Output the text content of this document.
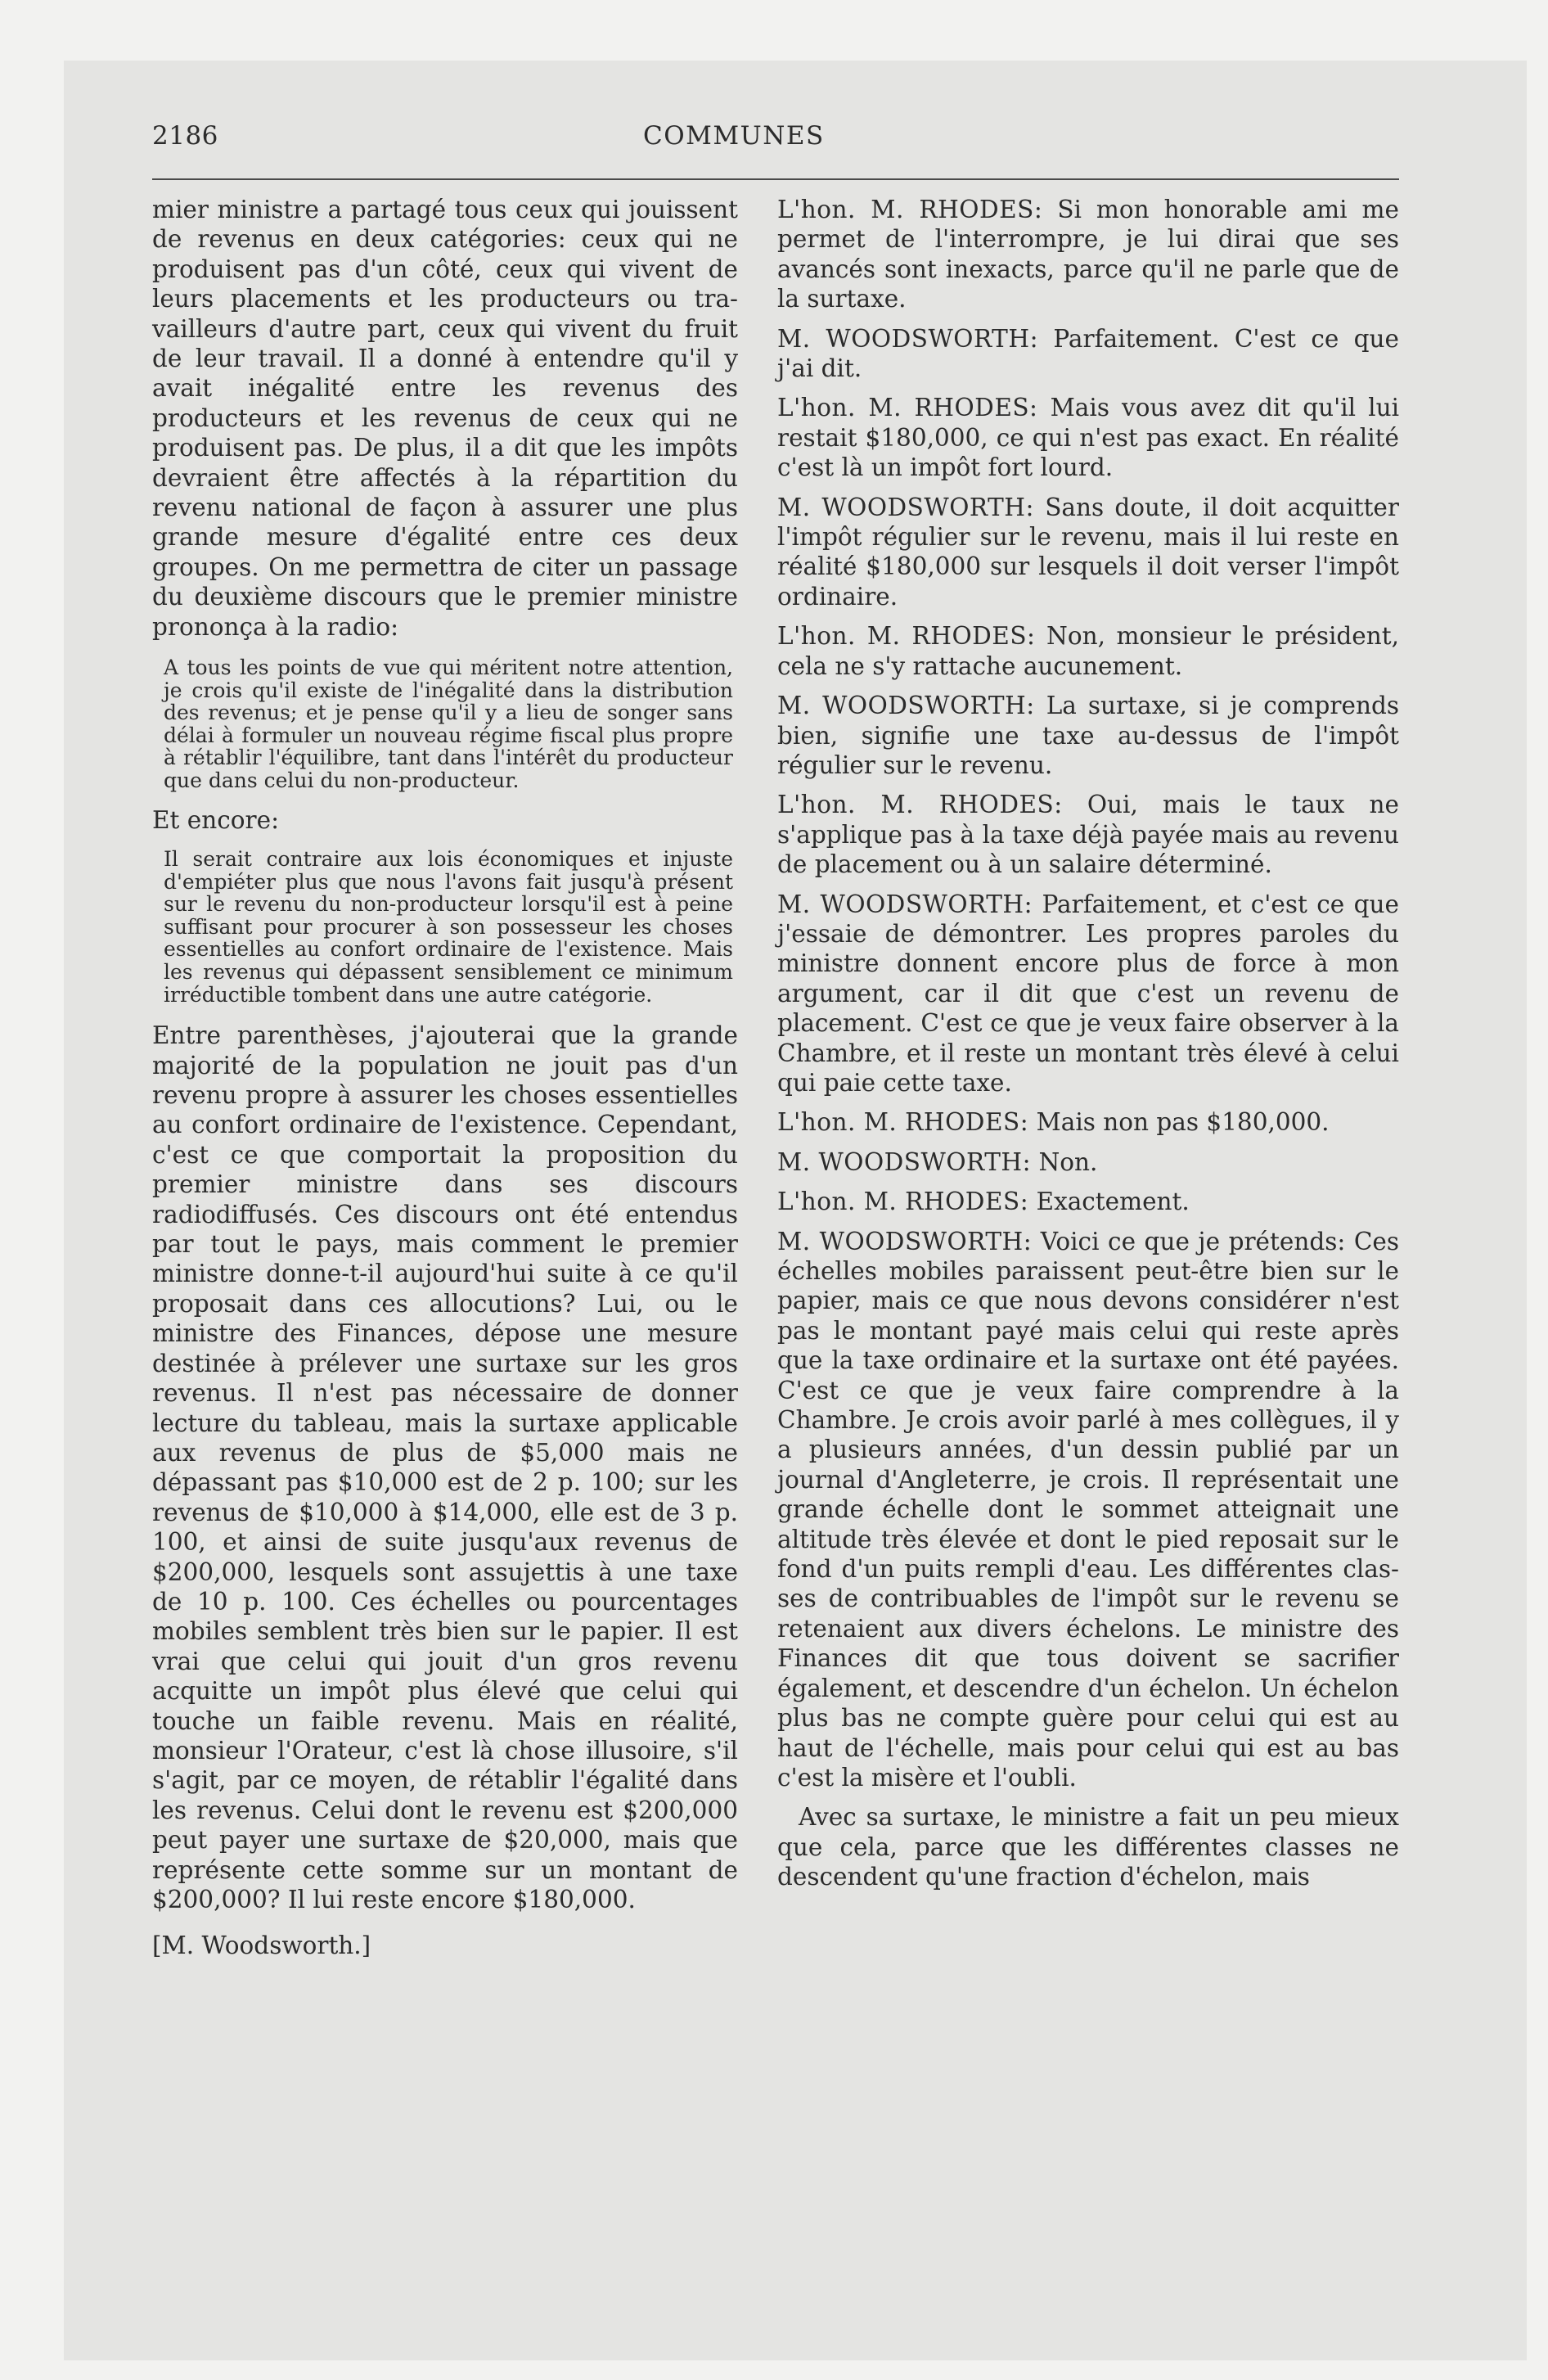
2186	COMMUNES

mier ministre a partagé tous ceux qui jouissent de revenus en deux catégories: ceux qui ne produisent pas d'un côté, ceux qui vivent de leurs placements et les producteurs ou travailleurs d'autre part, ceux qui vivent du fruit de leur travail. Il a donné à entendre qu'il y avait inégalité entre les revenus des producteurs et les revenus de ceux qui ne produisent pas. De plus, il a dit que les impôts devraient être affectés à la répartition du revenu national de façon à assurer une plus grande mesure d'égalité entre ces deux groupes. On me permettra de citer un passage du deuxième discours que le premier ministre prononça à la radio:

A tous les points de vue qui méritent notre attention, je crois qu'il existe de l'inégalité dans la distribution des revenus; et je pense qu'il y a lieu de songer sans délai à formuler un nouveau régime fiscal plus propre à rétablir l'équilibre, tant dans l'intérêt du producteur que dans celui du non-producteur.

Et encore:

Il serait contraire aux lois économiques et injuste d'empiéter plus que nous l'avons fait jusqu'à présent sur le revenu du non-producteur lorsqu'il est à peine suffisant pour procurer à son possesseur les choses essentielles au confort ordinaire de l'existence. Mais les revenus qui dépassent sensiblement ce minimum irréductible tombent dans une autre catégorie.

Entre parenthèses, j'ajouterai que la grande majorité de la population ne jouit pas d'un revenu propre à assurer les choses essentielles au confort ordinaire de l'existence. Cependant, c'est ce que comportait la proposition du premier ministre dans ses discours radiodiffusés. Ces discours ont été entendus par tout le pays, mais comment le premier ministre donne-t-il aujourd'hui suite à ce qu'il proposait dans ces allocutions? Lui, ou le ministre des Finances, dépose une mesure destinée à prélever une surtaxe sur les gros revenus. Il n'est pas nécessaire de donner lecture du tableau, mais la surtaxe applicable aux revenus de plus de $5,000 mais ne dépassant pas $10,000 est de 2 p. 100; sur les revenus de $10,000 à $14,000, elle est de 3 p. 100, et ainsi de suite jusqu'aux revenus de $200,000, lesquels sont assujettis à une taxe de 10 p. 100. Ces échelles ou pourcentages mobiles semblent très bien sur le papier. Il est vrai que celui qui jouit d'un gros revenu acquitte un impôt plus élevé que celui qui touche un faible revenu. Mais en réalité, monsieur l'Orateur, c'est là chose illusoire, s'il s'agit, par ce moyen, de rétablir l'égalité dans les revenus. Celui dont le revenu est $200,000 peut payer une surtaxe de $20,000, mais que représente cette somme sur un montant de $200,000? Il lui reste encore $180,000.

[M. Woodsworth.]

L'hon. M. RHODES: Si mon honorable ami me permet de l'interrompre, je lui dirai que ses avancés sont inexacts, parce qu'il ne parle que de la surtaxe.

M. WOODSWORTH: Parfaitement. C'est ce que j'ai dit.

L'hon. M. RHODES: Mais vous avez dit qu'il lui restait $180,000, ce qui n'est pas exact. En réalité c'est là un impôt fort lourd.

M. WOODSWORTH: Sans doute, il doit acquitter l'impôt régulier sur le revenu, mais il lui reste en réalité $180,000 sur lesquels il doit verser l'impôt ordinaire.

L'hon. M. RHODES: Non, monsieur le président, cela ne s'y rattache aucunement.

M. WOODSWORTH: La surtaxe, si je comprends bien, signifie une taxe au-dessus de l'impôt régulier sur le revenu.

L'hon. M. RHODES: Oui, mais le taux ne s'applique pas à la taxe déjà payée mais au revenu de placement ou à un salaire déterminé.

M. WOODSWORTH: Parfaitement, et c'est ce que j'essaie de démontrer. Les propres paroles du ministre donnent encore plus de force à mon argument, car il dit que c'est un revenu de placement. C'est ce que je veux faire observer à la Chambre, et il reste un montant très élevé à celui qui paie cette taxe.

L'hon. M. RHODES: Mais non pas $180,000.

M. WOODSWORTH: Non.

L'hon. M. RHODES: Exactement.

M. WOODSWORTH: Voici ce que je prétends: Ces échelles mobiles paraissent peut-être bien sur le papier, mais ce que nous devons considérer n'est pas le montant payé mais celui qui reste après que la taxe ordinaire et la surtaxe ont été payées. C'est ce que je veux faire comprendre à la Chambre. Je crois avoir parlé à mes collègues, il y a plusieurs années, d'un dessin publié par un journal d'Angleterre, je crois. Il représentait une grande échelle dont le sommet atteignait une altitude très élevée et dont le pied reposait sur le fond d'un puits rempli d'eau. Les différentes classes de contribuables de l'impôt sur le revenu se retenaient aux divers échelons. Le ministre des Finances dit que tous doivent se sacrifier également, et descendre d'un échelon. Un échelon plus bas ne compte guère pour celui qui est au haut de l'échelle, mais pour celui qui est au bas c'est la misère et l'oubli.

Avec sa surtaxe, le ministre a fait un peu mieux que cela, parce que les différentes classes ne descendent qu'une fraction d'échelon, mais
